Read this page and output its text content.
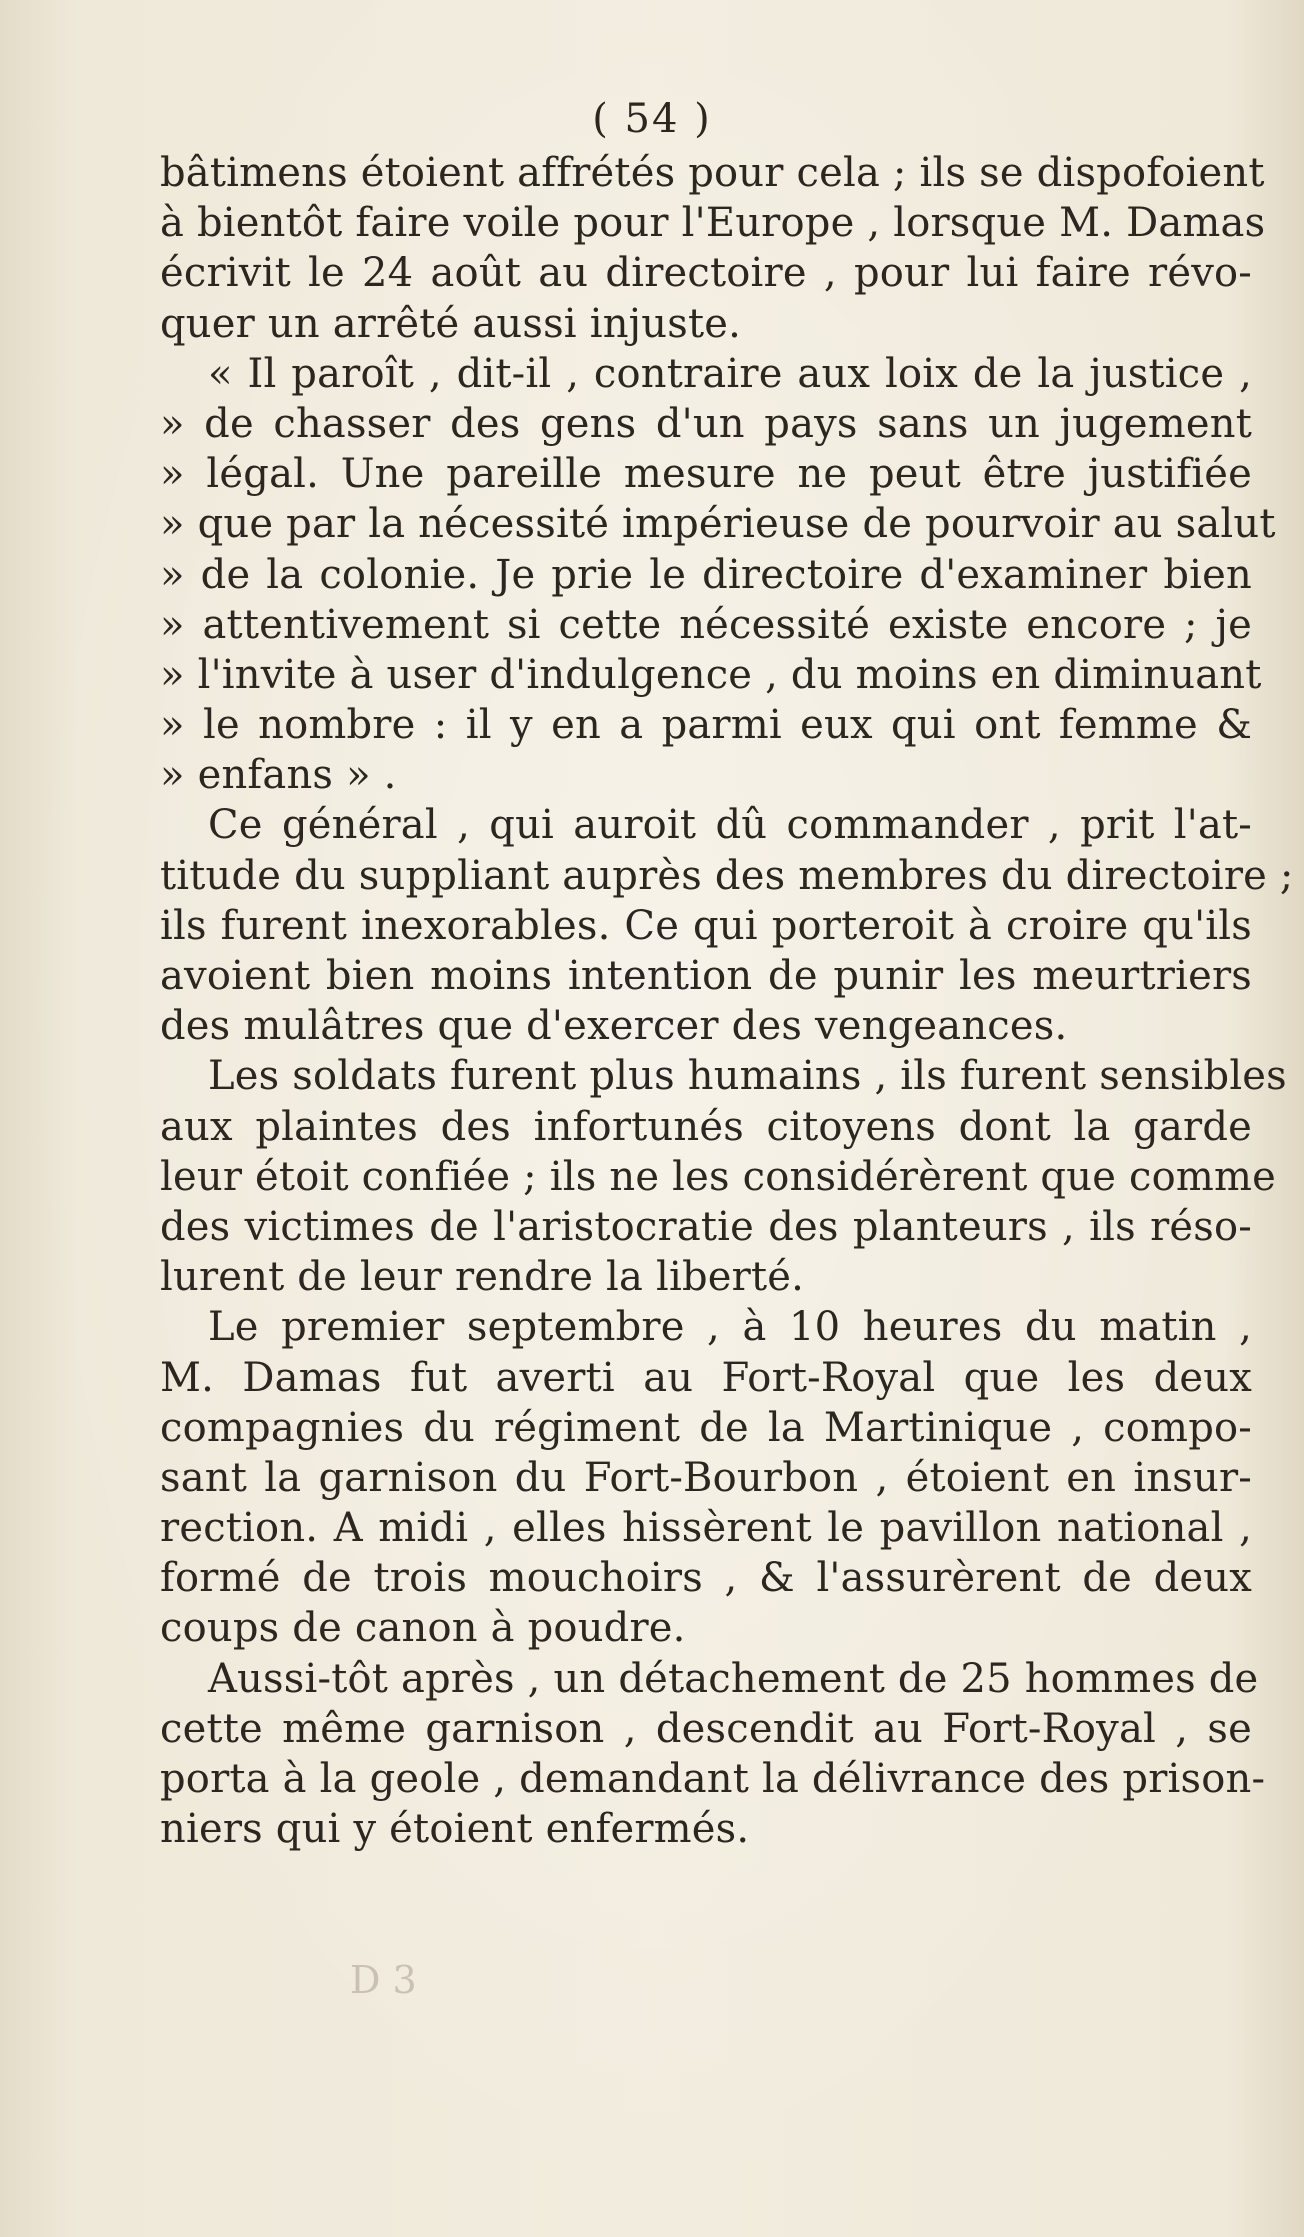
( 54 )
bâtimens étoient affrétés pour cela ; ils se dispofoient
à bientôt faire voile pour l'Europe , lorsque M. Damas
écrivit le 24 août au directoire , pour lui faire révo-
quer un arrêté aussi injuste.
« Il paroît , dit-il , contraire aux loix de la justice ,
» de chasser des gens d'un pays sans un jugement
» légal. Une pareille mesure ne peut être justifiée
» que par la nécessité impérieuse de pourvoir au salut
» de la colonie. Je prie le directoire d'examiner bien
» attentivement si cette nécessité existe encore ; je
» l'invite à user d'indulgence , du moins en diminuant
» le nombre : il y en a parmi eux qui ont femme &
» enfans » .
Ce général , qui auroit dû commander , prit l'at-
titude du suppliant auprès des membres du directoire ;
ils furent inexorables. Ce qui porteroit à croire qu'ils
avoient bien moins intention de punir les meurtriers
des mulâtres que d'exercer des vengeances.
Les soldats furent plus humains , ils furent sensibles
aux plaintes des infortunés citoyens dont la garde
leur étoit confiée ; ils ne les considérèrent que comme
des victimes de l'aristocratie des planteurs , ils réso-
lurent de leur rendre la liberté.
Le premier septembre , à 10 heures du matin ,
M. Damas fut averti au Fort-Royal que les deux
compagnies du régiment de la Martinique , compo-
sant la garnison du Fort-Bourbon , étoient en insur-
rection. A midi , elles hissèrent le pavillon national ,
formé de trois mouchoirs , & l'assurèrent de deux
coups de canon à poudre.
Aussi-tôt après , un détachement de 25 hommes de
cette même garnison , descendit au Fort-Royal , se
porta à la geole , demandant la délivrance des prison-
niers qui y étoient enfermés.
D 3
